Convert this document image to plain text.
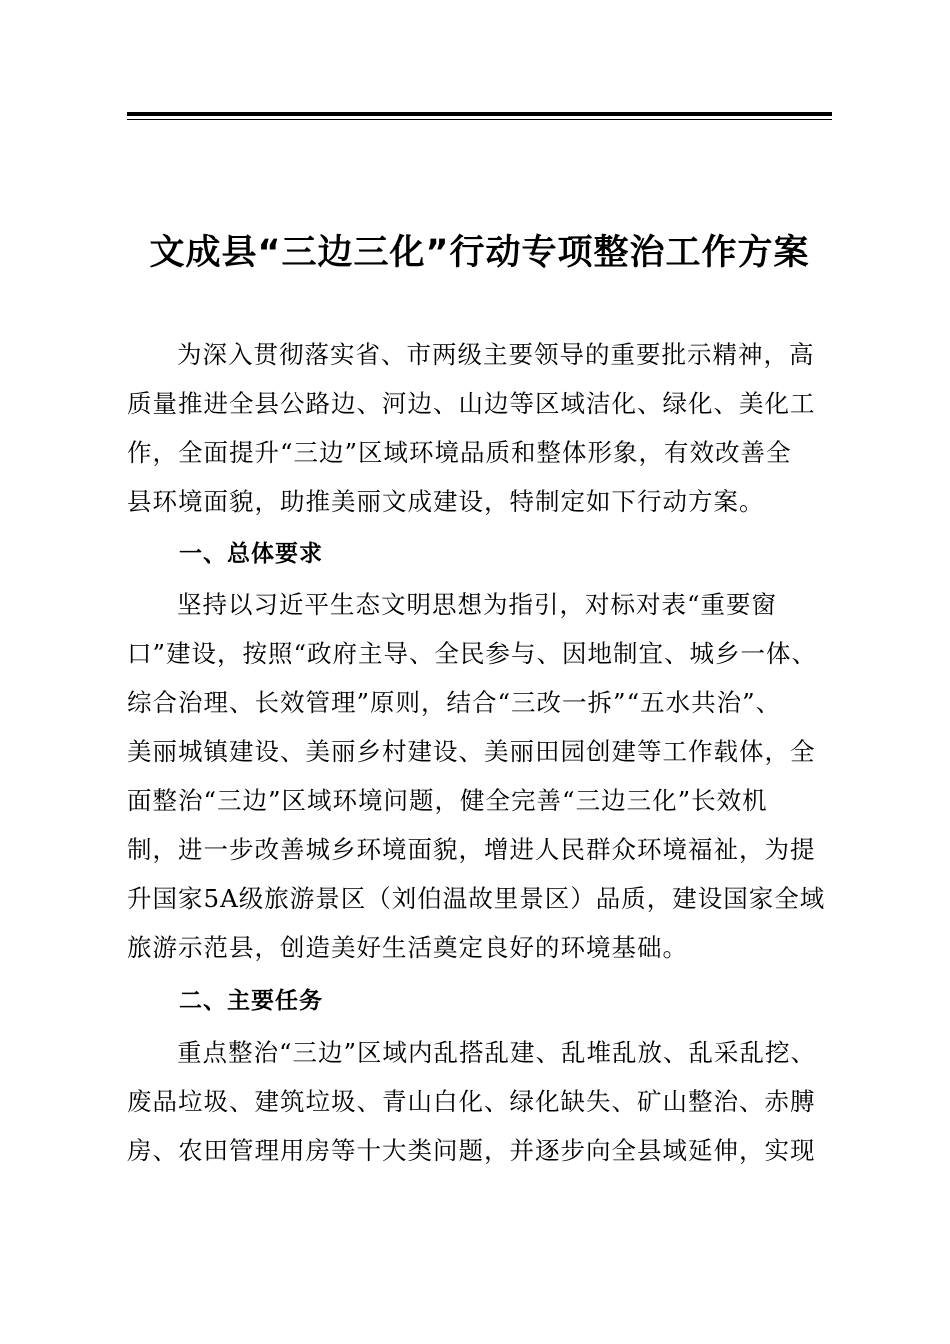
文成县“三边三化”行动专项整治工作方案
为深入贯彻落实省、市两级主要领导的重要批示精神，高
质量推进全县公路边、河边、山边等区域洁化、绿化、美化工
作，全面提升“三边”区域环境品质和整体形象，有效改善全
县环境面貌，助推美丽文成建设，特制定如下行动方案。
一、总体要求
坚持以习近平生态文明思想为指引，对标对表“重要窗
口”建设，按照“政府主导、全民参与、因地制宜、城乡一体、
综合治理、长效管理”原则，结合“三改一拆”“五水共治”、
美丽城镇建设、美丽乡村建设、美丽田园创建等工作载体，全
面整治“三边”区域环境问题，健全完善“三边三化”长效机
制，进一步改善城乡环境面貌，增进人民群众环境福祉，为提
升国家5A级旅游景区（刘伯温故里景区）品质，建设国家全域
旅游示范县，创造美好生活奠定良好的环境基础。
二、主要任务
重点整治“三边”区域内乱搭乱建、乱堆乱放、乱采乱挖、
废品垃圾、建筑垃圾、青山白化、绿化缺失、矿山整治、赤膊
房、农田管理用房等十大类问题，并逐步向全县域延伸，实现
